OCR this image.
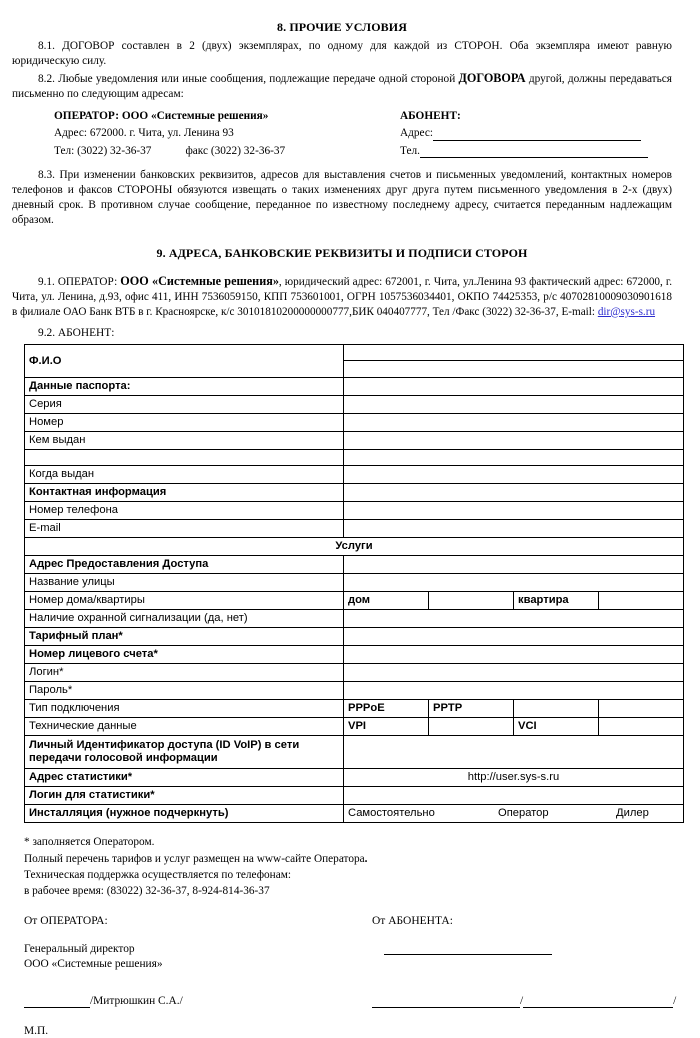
8. ПРОЧИЕ УСЛОВИЯ

8.1. ДОГОВОР составлен в 2 (двух) экземплярах, по одному для каждой из СТОРОН. Оба экземпляра имеют равную юридическую силу.

8.2. Любые уведомления или иные сообщения, подлежащие передаче одной стороной ДОГОВОРА другой, должны передаваться письменно по следующим адресам:

ОПЕРАТОР: ООО «Системные решения»
Адрес: 672000. г. Чита, ул. Ленина 93
Тел: (3022) 32-36-37	факс (3022) 32-36-37
АБОНЕНТ:
Адрес:
Тел.

8.3. При изменении банковских реквизитов, адресов для выставления счетов и письменных уведомлений, контактных номеров телефонов и факсов СТОРОНЫ обязуются извещать о таких изменениях друг друга путем письменного уведомления в 2-х (двух) дневный срок. В противном случае сообщение, переданное по известному последнему адресу, считается переданным надлежащим образом.

9. АДРЕСА, БАНКОВСКИЕ РЕКВИЗИТЫ И ПОДПИСИ СТОРОН
9.1. ОПЕРАТОР: ООО «Системные решения», юридический адрес: 672001, г. Чита, ул.Ленина 93 фактический адрес: 672000, г. Чита, ул. Ленина, д.93, офис 411, ИНН 7536059150, КПП 753601001, ОГРН 1057536034401, ОКПО 74425353, р/с 40702810009030901618 в филиале ОАО Банк ВТБ в г. Красноярске, к/с 30101810200000000777,БИК 040407777, Тел /Факс (3022) 32-36-37, E-mail: dir@sys-s.ru
9.2. АБОНЕНТ:
Ф.И.О				

Данные паспорта:				
Серия				
Номер				
Кем выдан				

Когда выдан				
Контактная информация				
Номер телефона				
E-mail				
Услуги				
Адрес Предоставления Доступа				
Название улицы				
Номер дома/квартиры	дом		квартира	
Наличие охранной сигнализации (да, нет)				
Тарифный план*				
Номер лицевого счета*				
Логин*				
Пароль*				
Тип подключения	PPPoE	PPTP		
Технические данные	VPI		VCI	
Личный Идентификатор доступа (ID VoIP) в сети передачи голосовой информации				
Адрес статистики*	http://user.sys-s.ru			
Логин для статистики*				
Инсталляция (нужное подчеркнуть)	Самостоятельно Оператор Дилер			
* заполняется Оператором.
Полный перечень тарифов и услуг размещен на www-сайте Оператора.
Техническая поддержка осуществляется по телефонам:
в рабочее время: (83022) 32-36-37, 8-924-814-36-37
От ОПЕРАТОРА:	От АБОНЕНТА:
Генеральный директор
ООО «Системные решения»
/Митрюшкин С.А./	/	/
М.П.
